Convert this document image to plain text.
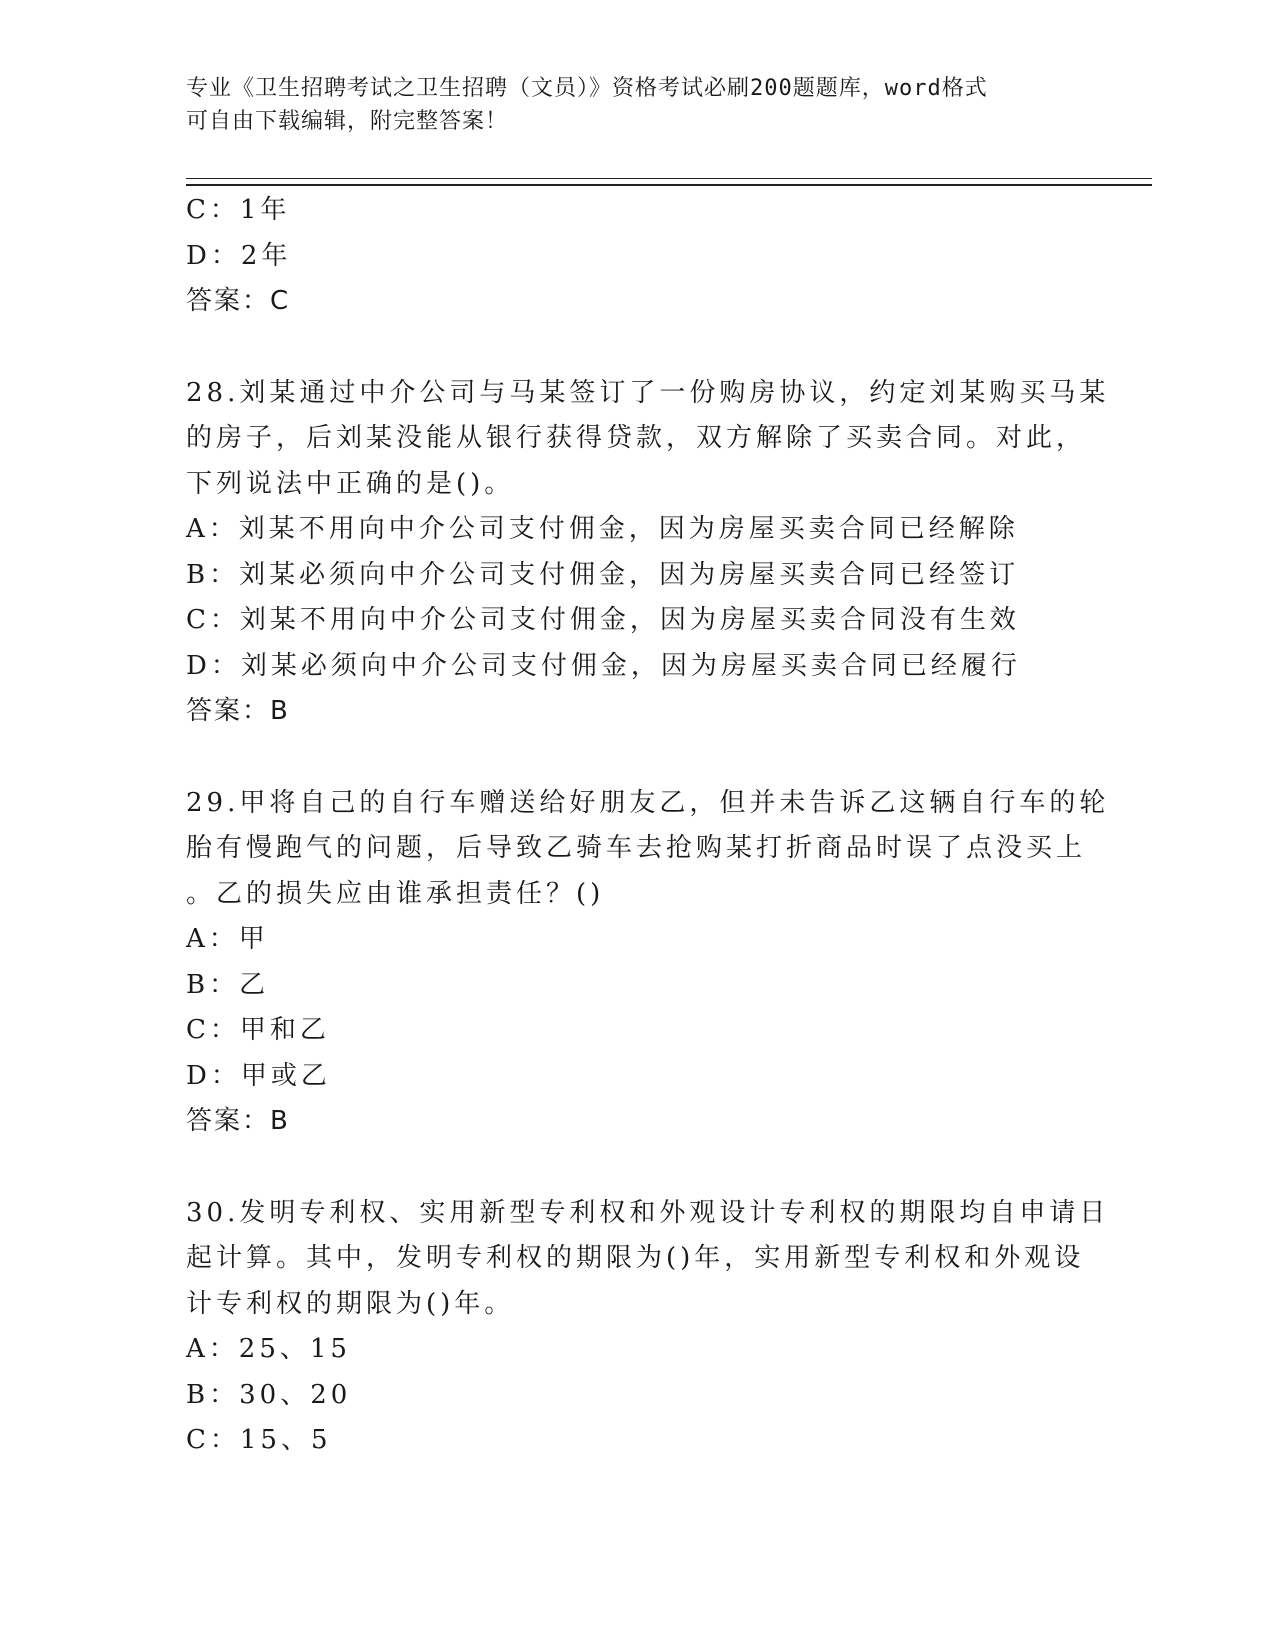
专业《卫生招聘考试之卫生招聘（文员）》资格考试必刷200题题库，word格式
可自由下载编辑，附完整答案！
C：1年
D：2年
答案：C
28.刘某通过中介公司与马某签订了一份购房协议，约定刘某购买马某
的房子，后刘某没能从银行获得贷款，双方解除了买卖合同。对此，
下列说法中正确的是()。
A：刘某不用向中介公司支付佣金，因为房屋买卖合同已经解除
B：刘某必须向中介公司支付佣金，因为房屋买卖合同已经签订
C：刘某不用向中介公司支付佣金，因为房屋买卖合同没有生效
D：刘某必须向中介公司支付佣金，因为房屋买卖合同已经履行
答案：B
29.甲将自己的自行车赠送给好朋友乙，但并未告诉乙这辆自行车的轮
胎有慢跑气的问题，后导致乙骑车去抢购某打折商品时误了点没买上
。乙的损失应由谁承担责任？()
A：甲
B：乙
C：甲和乙
D：甲或乙
答案：B
30.发明专利权、实用新型专利权和外观设计专利权的期限均自申请日
起计算。其中，发明专利权的期限为()年，实用新型专利权和外观设
计专利权的期限为()年。
A：25、15
B：30、20
C：15、5
